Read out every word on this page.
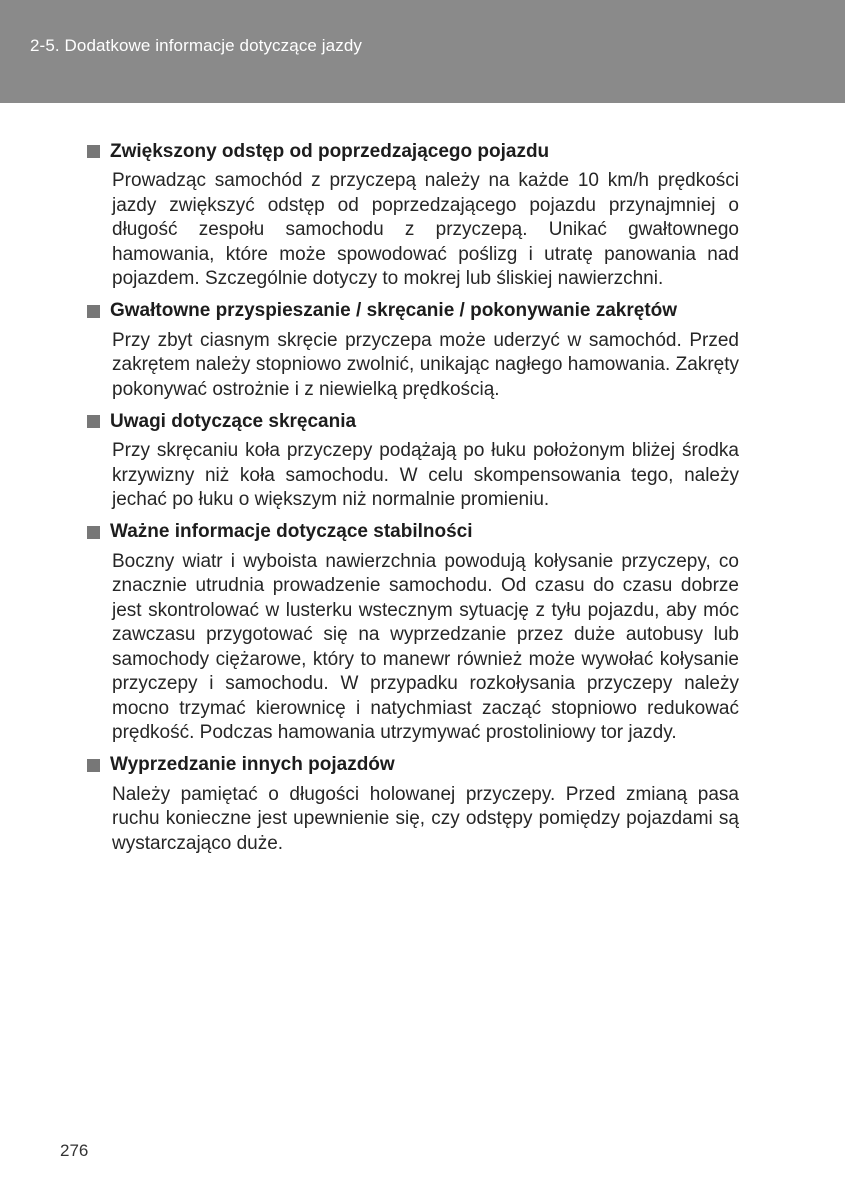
2-5. Dodatkowe informacje dotyczące jazdy
Zwiększony odstęp od poprzedzającego pojazdu

Prowadząc samochód z przyczepą należy na każde 10 km/h prędkości jazdy zwiększyć odstęp od poprzedzającego pojazdu przynajmniej o długość zespołu samochodu z przyczepą. Unikać gwałtownego hamowania, które może spowodować poślizg i utratę panowania nad pojazdem. Szczególnie dotyczy to mokrej lub śliskiej nawierzchni.

Gwałtowne przyspieszanie / skręcanie / pokonywanie zakrętów

Przy zbyt ciasnym skręcie przyczepa może uderzyć w samochód. Przed zakrętem należy stopniowo zwolnić, unikając nagłego hamowania. Zakręty pokonywać ostrożnie i z niewielką prędkością.

Uwagi dotyczące skręcania

Przy skręcaniu koła przyczepy podążają po łuku położonym bliżej środka krzywizny niż koła samochodu. W celu skompensowania tego, należy jechać po łuku o większym niż normalnie promieniu.

Ważne informacje dotyczące stabilności

Boczny wiatr i wyboista nawierzchnia powodują kołysanie przyczepy, co znacznie utrudnia prowadzenie samochodu. Od czasu do czasu dobrze jest skontrolować w lusterku wstecznym sytuację z tyłu pojazdu, aby móc zawczasu przygotować się na wyprzedzanie przez duże autobusy lub samochody ciężarowe, który to manewr również może wywołać kołysanie przyczepy i samochodu. W przypadku rozkołysania przyczepy należy mocno trzymać kierownicę i natychmiast zacząć stopniowo redukować prędkość. Podczas hamowania utrzymywać prostoliniowy tor jazdy.

Wyprzedzanie innych pojazdów

Należy pamiętać o długości holowanej przyczepy. Przed zmianą pasa ruchu konieczne jest upewnienie się, czy odstępy pomiędzy pojazdami są wystarczająco duże.

276
